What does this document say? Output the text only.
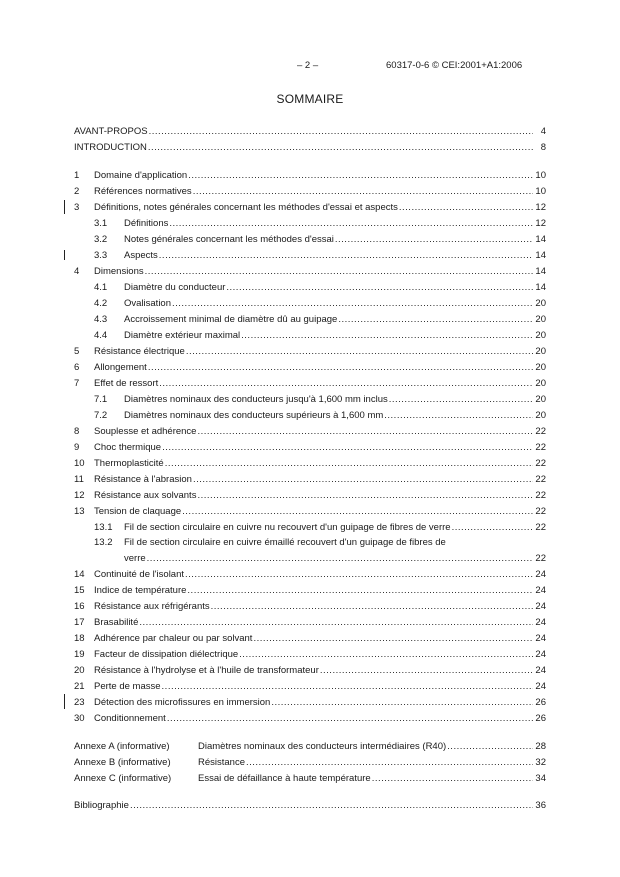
– 2 –	60317-0-6 © CEI:2001+A1:2006
SOMMAIRE
AVANT-PROPOS .....	4
INTRODUCTION .....	8
1	Domaine d'application .....	10
2	Références normatives .....	10
3	Définitions, notes générales concernant les méthodes d'essai et aspects .....	12
3.1	Définitions .....	12
3.2	Notes générales concernant les méthodes d'essai .....	14
3.3	Aspects .....	14
4	Dimensions .....	14
4.1	Diamètre du conducteur .....	14
4.2	Ovalisation .....	20
4.3	Accroissement minimal de diamètre dû au guipage .....	20
4.4	Diamètre extérieur maximal .....	20
5	Résistance électrique .....	20
6	Allongement .....	20
7	Effet de ressort .....	20
7.1	Diamètres nominaux des conducteurs jusqu'à 1,600 mm inclus .....	20
7.2	Diamètres nominaux des conducteurs supérieurs à 1,600 mm .....	20
8	Souplesse et adhérence .....	22
9	Choc thermique .....	22
10 Thermoplasticité .....	22
11	Résistance à l'abrasion .....	22
12 Résistance aux solvants .....	22
13 Tension de claquage .....	22
13.1	Fil de section circulaire en cuivre nu recouvert d'un guipage de fibres de verre .....	22
13.2	Fil de section circulaire en cuivre émaillé recouvert d'un guipage de fibres de
verre .....	22
14 Continuité de l'isolant .....	24
15 Indice de température .....	24
16 Résistance aux réfrigérants .....	24
17 Brasabilité .....	24
18 Adhérence par chaleur ou par solvant .....	24
19 Facteur de dissipation diélectrique .....	24
20 Résistance à l'hydrolyse et à l'huile de transformateur .....	24
21 Perte de masse .....	24
23 Détection des microfissures en immersion .....	26
30 Conditionnement .....	26
Annexe A (informative)	Diamètres nominaux des conducteurs intermédiaires (R40) .....	28
Annexe B (informative)	Résistance .....	32
Annexe C (informative)	Essai de défaillance à haute température .....	34
Bibliographie .....	36
